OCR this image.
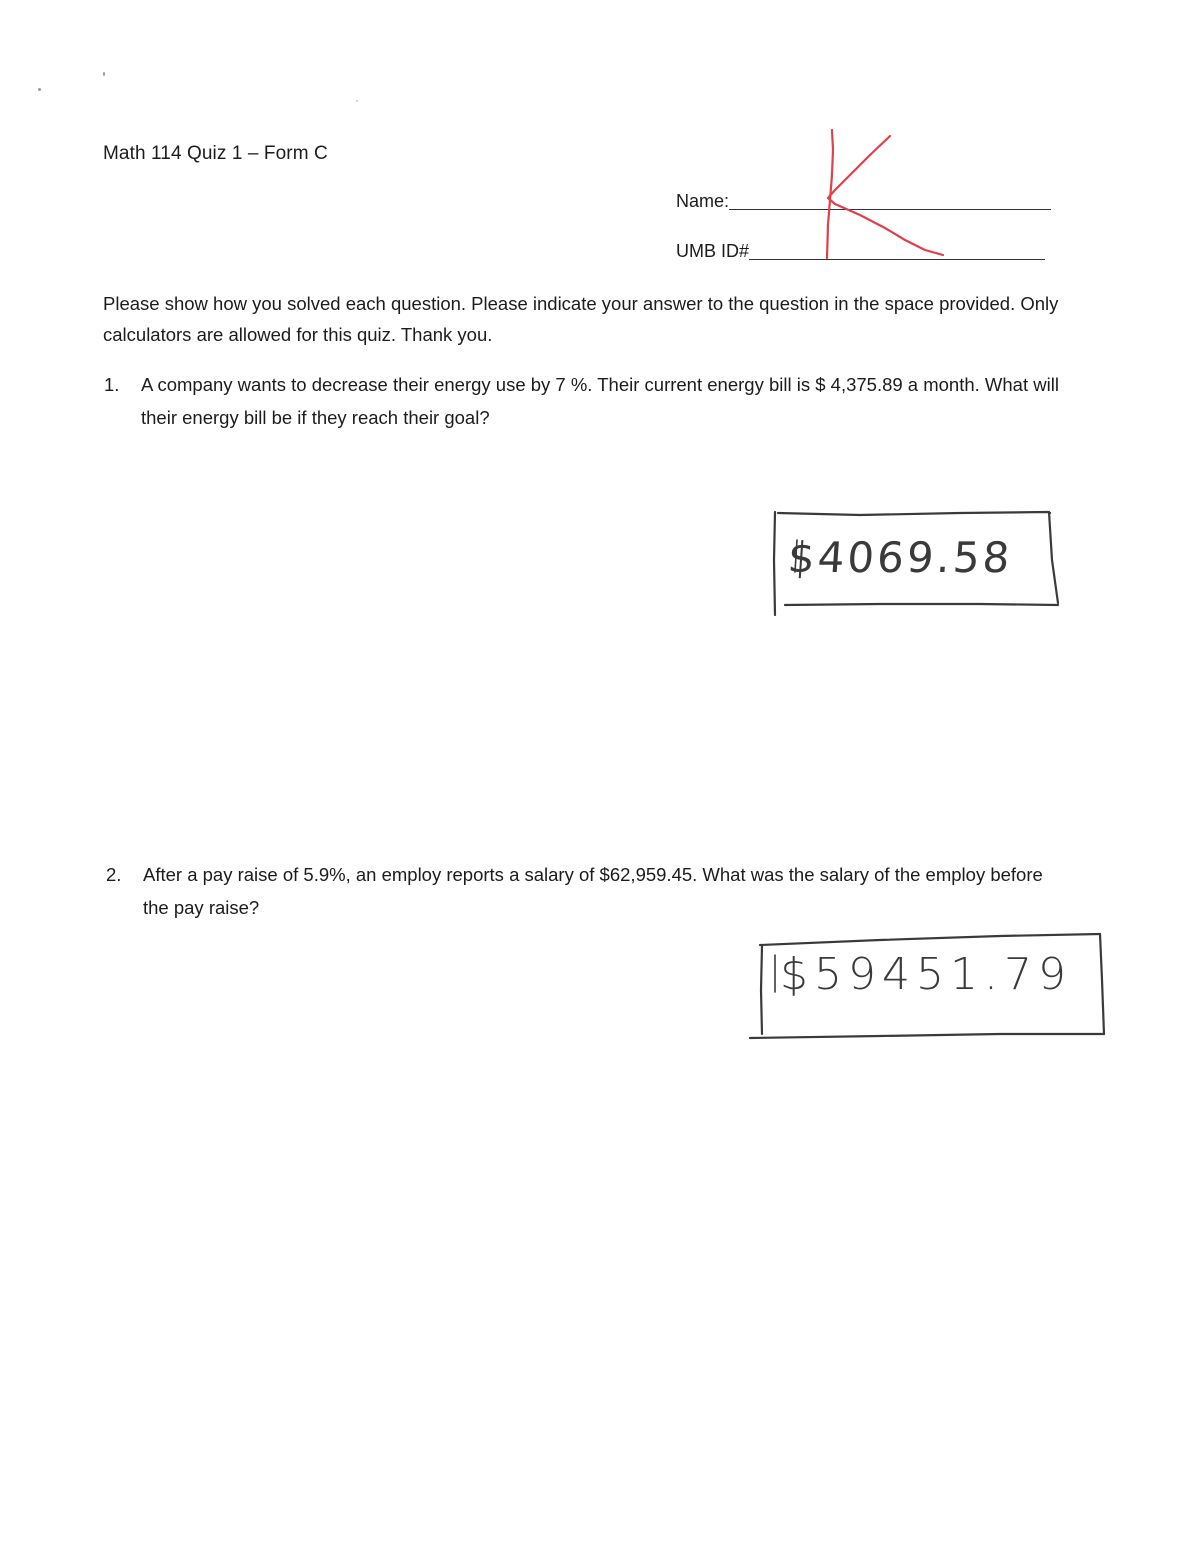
Math 114 Quiz 1 – Form C
Name:
UMB ID#
Please show how you solved each question. Please indicate your answer to the question in the space provided. Only calculators are allowed for this quiz. Thank you.
1. A company wants to decrease their energy use by 7 %. Their current energy bill is $ 4,375.89 a month. What will their energy bill be if they reach their goal?
$4069.58
2. After a pay raise of 5.9%, an employ reports a salary of $62,959.45. What was the salary of the employ before the pay raise?
$59451.79
